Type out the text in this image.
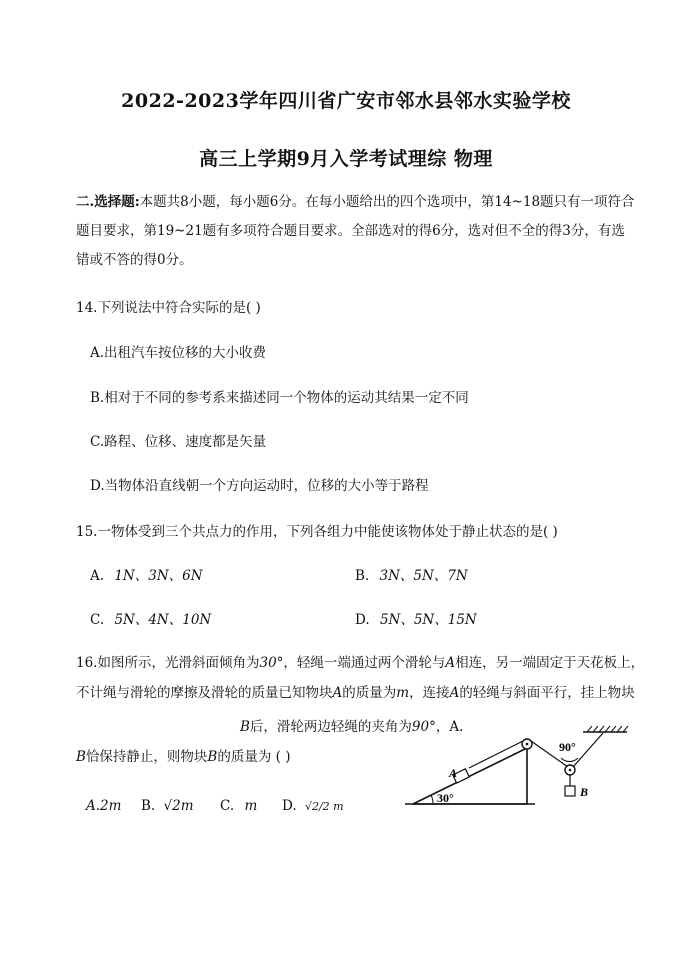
2022-2023学年四川省广安市邻水县邻水实验学校
高三上学期9月入学考试理综 物理
二.选择题:本题共8小题，每小题6分。在每小题给出的四个选项中，第14~18题只有一项符合题目要求，第19~21题有多项符合题目要求。全部选对的得6分，选对但不全的得3分，有选错或不答的得0分。
14.下列说法中符合实际的是( )
A.出租汽车按位移的大小收费
B.相对于不同的参考系来描述同一个物体的运动其结果一定不同
C.路程、位移、速度都是矢量
D.当物体沿直线朝一个方向运动时，位移的大小等于路程
15.一物体受到三个共点力的作用，下列各组力中能使该物体处于静止状态的是( )
A. 1N、3N、6N	B. 3N、5N、7N
C. 5N、4N、10N	D. 5N、5N、15N
16.如图所示，光滑斜面倾角为30°，轻绳一端通过两个滑轮与A相连，另一端固定于天花板上，不计绳与滑轮的摩擦及滑轮的质量已知物块A的质量为m，连接A的轻绳与斜面平行，挂上物块
B后，滑轮两边轻绳的夹角为90°，A.
B恰保持静止，则物块B的质量为 ( )
A.2m B. √2m C. m D. √2/2 m
30°
A
90°
B
